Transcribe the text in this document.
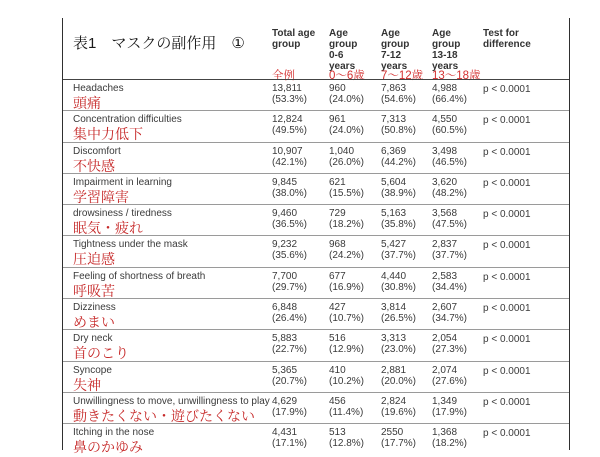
表1　マスクの副作用　①
Total age
group
Age
group
0-6
years
Age
group
7-12
years
Age
group
13-18
years
Test for
difference
全例	0～6歳 7～12歳 13～18歳
Headaches
頭痛
13,811
(53.3%)
960
(24.0%)
7,863
(54.6%)
4,988
(66.4%)
p < 0.0001
Concentration difficulties
集中力低下
12,824
(49.5%)
961
(24.0%)
7,313
(50.8%)
4,550
(60.5%)
p < 0.0001
Discomfort
不快感
10,907
(42.1%)
1,040
(26.0%)
6,369
(44.2%)
3,498
(46.5%)
p < 0.0001
Impairment in learning
学習障害
9,845
(38.0%)
621
(15.5%)
5,604
(38.9%)
3,620
(48.2%)
p < 0.0001
drowsiness / tiredness
眠気・疲れ
9,460
(36.5%)
729
(18.2%)
5,163
(35.8%)
3,568
(47.5%)
p < 0.0001
Tightness under the mask
圧迫感
9,232
(35.6%)
968
(24.2%)
5,427
(37.7%)
2,837
(37.7%)
p < 0.0001
Feeling of shortness of breath
呼吸苦
7,700
(29.7%)
677
(16.9%)
4,440
(30.8%)
2,583
(34.4%)
p < 0.0001
Dizziness
めまい
6,848
(26.4%)
427
(10.7%)
3,814
(26.5%)
2,607
(34.7%)
p < 0.0001
Dry neck
首のこり
5,883
(22.7%)
516
(12.9%)
3,313
(23.0%)
2,054
(27.3%)
p < 0.0001
Syncope
失神
5,365
(20.7%)
410
(10.2%)
2,881
(20.0%)
2,074
(27.6%)
p < 0.0001
Unwillingness to move, unwillingness to play
動きたくない・遊びたくない
4,629
(17.9%)
456
(11.4%)
2,824
(19.6%)
1,349
(17.9%)
p < 0.0001
Itching in the nose
鼻のかゆみ
4,431
(17.1%)
513
(12.8%)
2550
(17.7%)
1,368
(18.2%)
p < 0.0001
